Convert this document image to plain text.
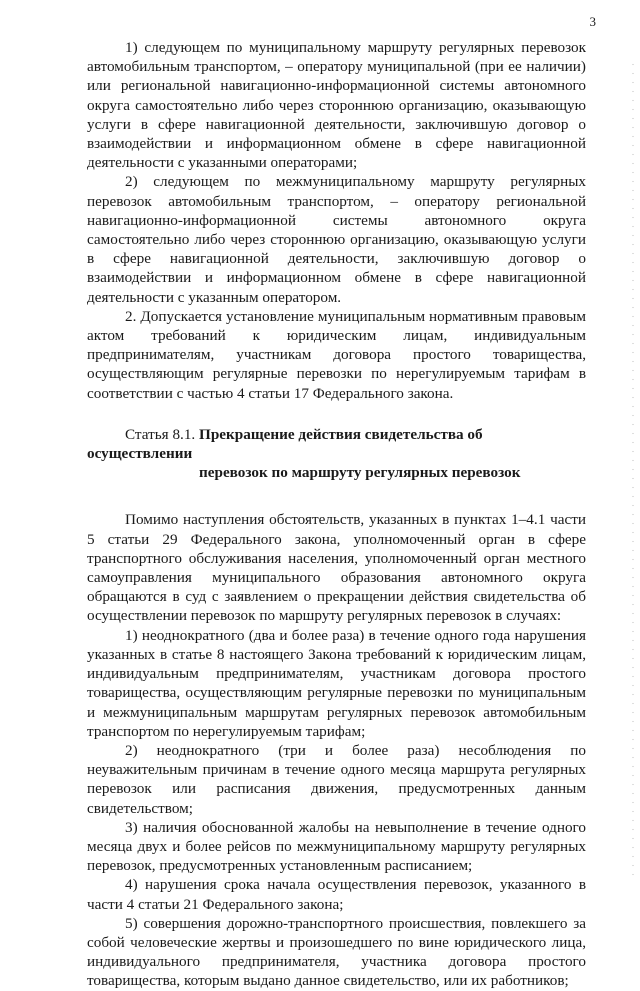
3

1) следующем по муниципальному маршруту регулярных перевозок автомобильным транспортом, – оператору муниципальной (при ее наличии) или региональной навигационно-информационной системы автономного округа самостоятельно либо через стороннюю организацию, оказывающую услуги в сфере навигационной деятельности, заключившую договор о взаимодействии и информационном обмене в сфере навигационной деятельности с указанными операторами;

2) следующем по межмуниципальному маршруту регулярных перевозок автомобильным транспортом, – оператору региональной навигационно-информационной системы автономного округа самостоятельно либо через стороннюю организацию, оказывающую услуги в сфере навигационной деятельности, заключившую договор о взаимодействии и информационном обмене в сфере навигационной деятельности с указанным оператором.

2. Допускается установление муниципальным нормативным правовым актом требований к юридическим лицам, индивидуальным предпринимателям, участникам договора простого товарищества, осуществляющим регулярные перевозки по нерегулируемым тарифам в соответствии с частью 4 статьи 17 Федерального закона.

Статья 8.1. Прекращение действия свидетельства об осуществлении
перевозок по маршруту регулярных перевозок

Помимо наступления обстоятельств, указанных в пунктах 1–4.1 части 5 статьи 29 Федерального закона, уполномоченный орган в сфере транспортного обслуживания населения, уполномоченный орган местного самоуправления муниципального образования автономного округа обращаются в суд с заявлением о прекращении действия свидетельства об осуществлении перевозок по маршруту регулярных перевозок в случаях:

1) неоднократного (два и более раза) в течение одного года нарушения указанных в статье 8 настоящего Закона требований к юридическим лицам, индивидуальным предпринимателям, участникам договора простого товарищества, осуществляющим регулярные перевозки по муниципальным и межмуниципальным маршрутам регулярных перевозок автомобильным транспортом по нерегулируемым тарифам;

2) неоднократного (три и более раза) несоблюдения по неуважительным причинам в течение одного месяца маршрута регулярных перевозок или расписания движения, предусмотренных данным свидетельством;

3) наличия обоснованной жалобы на невыполнение в течение одного месяца двух и более рейсов по межмуниципальному маршруту регулярных перевозок, предусмотренных установленным расписанием;

4) нарушения срока начала осуществления перевозок, указанного в части 4 статьи 21 Федерального закона;

5) совершения дорожно-транспортного происшествия, повлекшего за собой человеческие жертвы и произошедшего по вине юридического лица, индивидуального предпринимателя, участника договора простого товарищества, которым выдано данное свидетельство, или их работников;
